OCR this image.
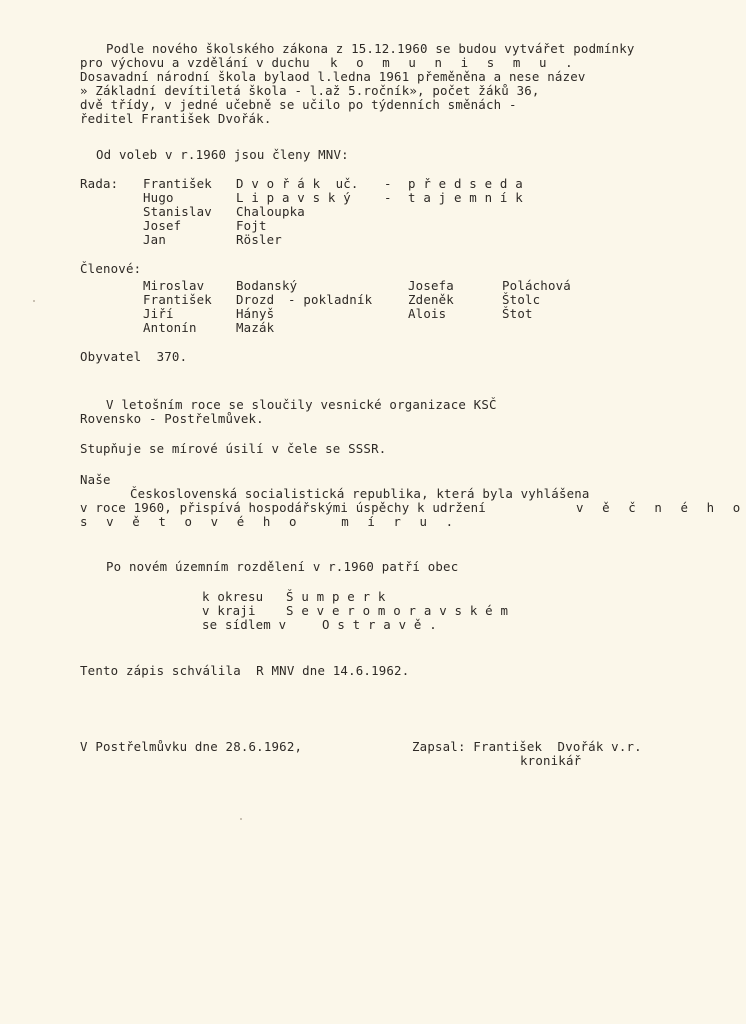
Podle nového školského zákona z 15.12.1960 se budou vytvářet podmínky
pro výchovu a vzdělání v duchu k o m u n i s m u .
Dosavadní národní škola bylaod l.ledna 1961 přeměněna a nese název
» Základní devítiletá škola - l.až 5.ročník», počet žáků 36,
dvě třídy, v jedné učebně se učilo po týdenních směnách -
ředitel František Dvořák.
Od voleb v r.1960 jsou členy MNV:
Rada: František D v o ř á k  uč. - p ř e d s e d a
Hugo	L i p a v s k ý	- t a j e m n í k
Stanislav Chaloupka
Josef	Fojt
Jan	Rösler
Členové:
Miroslav	Bodanský	Josefa	Poláchová
František Drozd - pokladník	Zdeněk	Štolc
Jiří	Hányš	Alois	Štot
Antonín	Mazák
Obyvatel  370.
V letošním roce se sloučily vesnické organizace KSČ
Rovensko - Postřelmůvek.
Stupňuje se mírové úsilí v čele se SSSR.
Naše
Československá socialistická republika, která byla vyhlášena
v roce 1960, přispívá hospodářskými úspěchy k udržení	v ě č n é h o
s v ě t o v é h o   m í r u .
Po novém územním rozdělení v r.1960 patří obec
k okresu Š u m p e r k
v kraji S e v e r o m o r a v s k é m
se sídlem v	O s t r a v ě .
Tento zápis schválila  R MNV dne 14.6.1962.
V Postřelmůvku dne 28.6.1962,	Zapsal: František  Dvořák v.r.
kronikář
